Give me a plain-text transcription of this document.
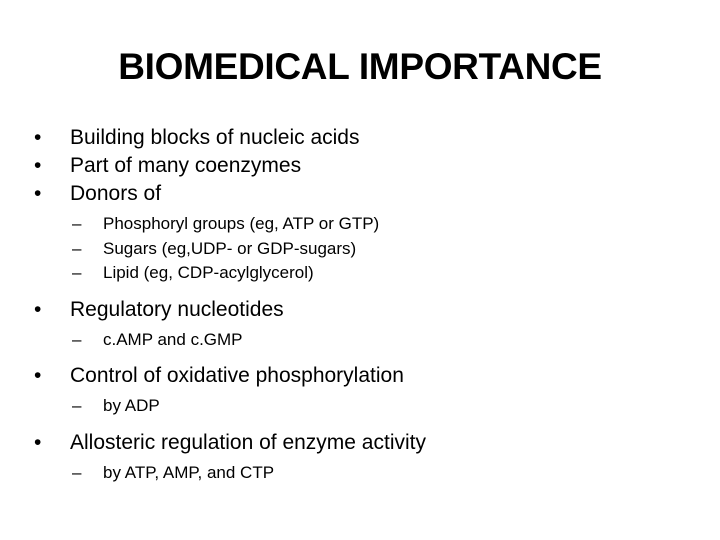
BIOMEDICAL IMPORTANCE
•	Building blocks of nucleic acids
•	Part of many coenzymes
•	Donors of
– Phosphoryl groups (eg, ATP or GTP)
– Sugars (eg,UDP- or GDP-sugars)
– Lipid (eg, CDP-acylglycerol)
•	Regulatory nucleotides
– c.AMP and c.GMP
•	Control of oxidative phosphorylation
– by ADP
•	Allosteric regulation of enzyme activity
– by ATP, AMP, and CTP
